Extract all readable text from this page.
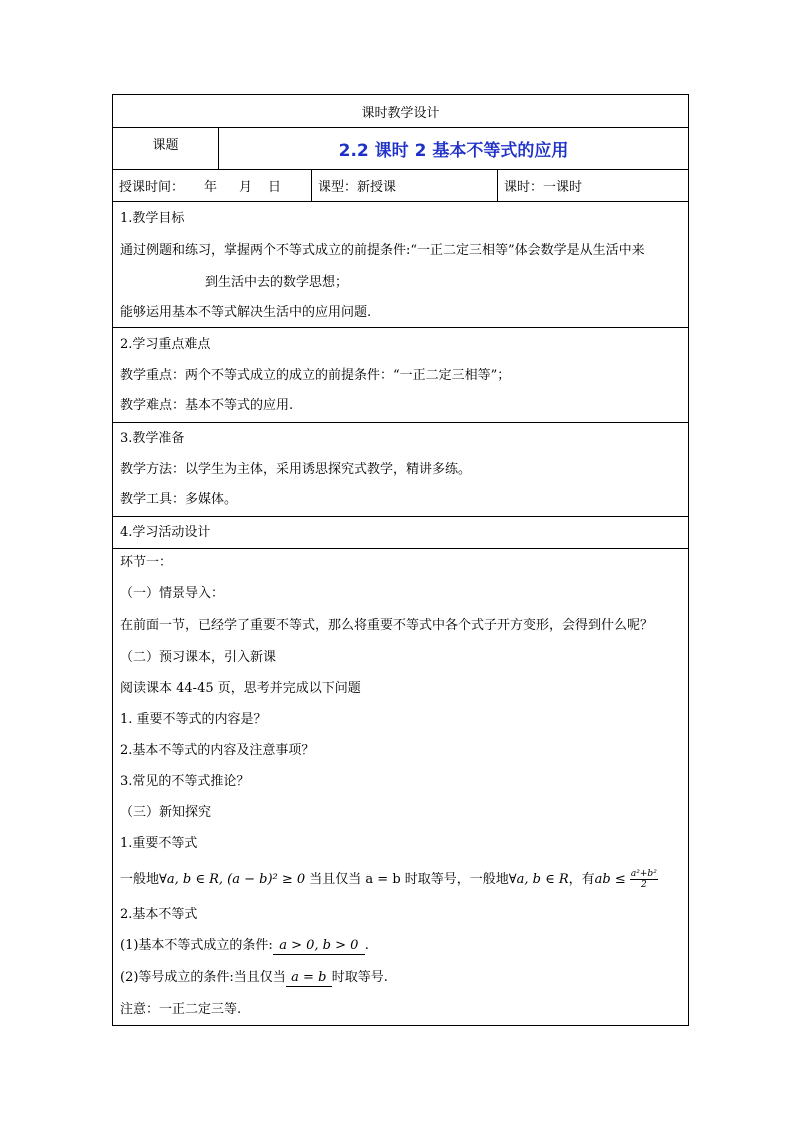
课时教学设计
课题	2.2 课时 2 基本不等式的应用
授课时间： 年 月 日	课型：新授课	课时：一课时
1.教学目标
通过例题和练习，掌握两个不等式成立的前提条件:“一正二定三相等”体会数学是从生活中来
到生活中去的数学思想；
能够运用基本不等式解决生活中的应用问题.
2.学习重点难点
教学重点：两个不等式成立的成立的前提条件：“一正二定三相等”；
教学难点：基本不等式的应用.
3.教学准备
教学方法：以学生为主体，采用诱思探究式教学，精讲多练。
教学工具：多媒体。
4.学习活动设计
环节一：
（一）情景导入：
在前面一节，已经学了重要不等式，那么将重要不等式中各个式子开方变形，会得到什么呢？
（二）预习课本，引入新课
阅读课本 44-45 页，思考并完成以下问题
1. 重要不等式的内容是？
2.基本不等式的内容及注意事项？
3.常见的不等式推论？
（三）新知探究
1.重要不等式
一般地∀a, b ∈ R, (a − b)² ≥ 0 当且仅当 a = b 时取等号，一般地∀a, b ∈ R，有ab ≤ $\frac{\text{a²+b²}}{2}$
2.基本不等式
(1)基本不等式成立的条件: a > 0, b > 0 .
(2)等号成立的条件:当且仅当 a = b 时取等号.
注意：一正二定三等.
